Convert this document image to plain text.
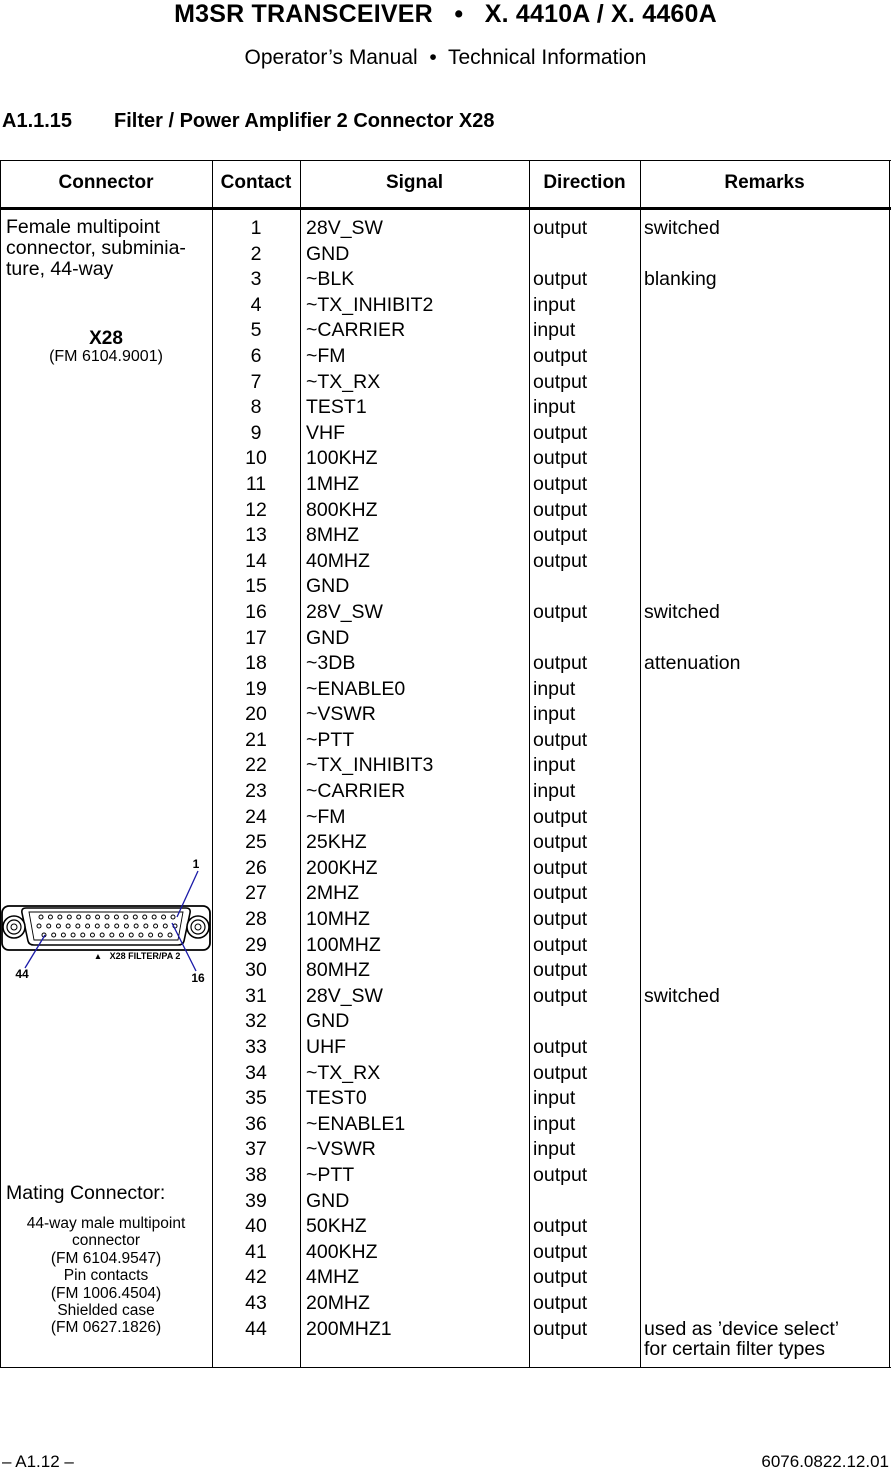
M3SR TRANSCEIVER   •   X. 4410A / X. 4460A
Operator’s Manual  •  Technical Information
A1.1.15 Filter / Power Amplifier 2 Connector X28
Connector	Contact	Signal	Direction	Remarks
Female multipoint
connector, subminia-
ture, 44-way
X28
(FM 6104.9001)
1
16
44
▲ X28 FILTER/PA 2
Mating Connector:
44-way male multipoint
connector
(FM 6104.9547)
Pin contacts
(FM 1006.4504)
Shielded case
(FM 0627.1826)
1	28V_SW	output	switched
2	GND
3	~BLK	output	blanking
4	~TX_INHIBIT2	input
5	~CARRIER	input
6	~FM	output
7	~TX_RX	output
8	TEST1	input
9	VHF	output
10	100KHZ	output
11	1MHZ	output
12	800KHZ	output
13	8MHZ	output
14	40MHZ	output
15	GND
16	28V_SW	output	switched
17	GND
18	~3DB	output	attenuation
19	~ENABLE0	input
20	~VSWR	input
21	~PTT	output
22	~TX_INHIBIT3	input
23	~CARRIER	input
24	~FM	output
25	25KHZ	output
26	200KHZ	output
27	2MHZ	output
28	10MHZ	output
29	100MHZ	output
30	80MHZ	output
31	28V_SW	output	switched
32	GND
33	UHF	output
34	~TX_RX	output
35	TEST0	input
36	~ENABLE1	input
37	~VSWR	input
38	~PTT	output
39	GND
40	50KHZ	output
41	400KHZ	output
42	4MHZ	output
43	20MHZ	output
44	200MHZ1	output	used as ’device select’
for certain filter types
– A1.12 –	6076.0822.12.01
